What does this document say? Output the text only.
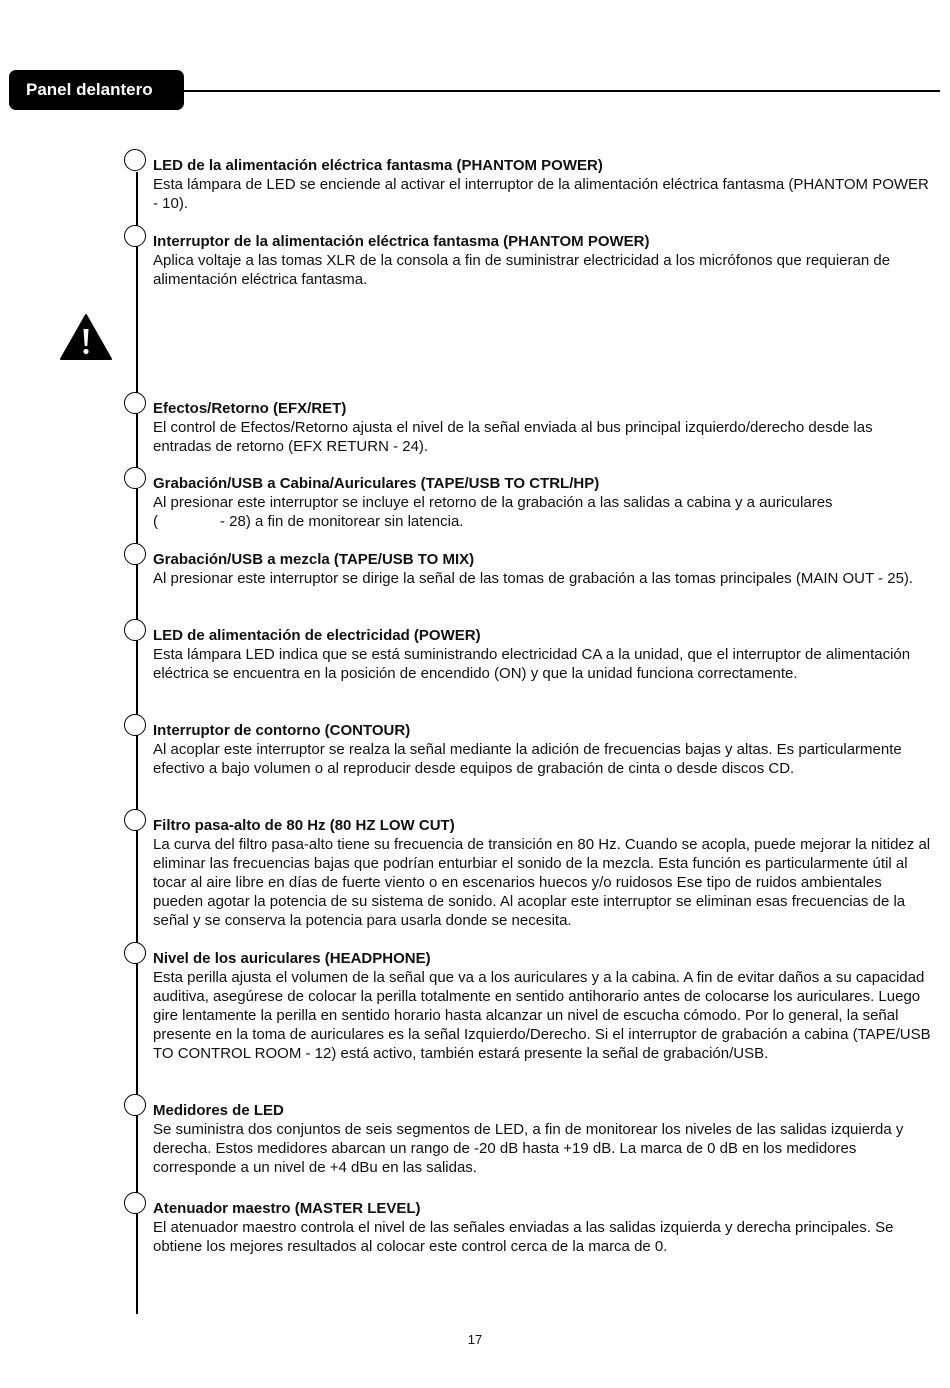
Panel delantero
LED de la alimentación eléctrica fantasma (PHANTOM POWER)
Esta lámpara de LED se enciende al activar el interruptor de la alimentación eléctrica fantasma (PHANTOM POWER - 10).
Interruptor de la alimentación eléctrica fantasma (PHANTOM POWER)
Aplica voltaje a las tomas XLR de la consola a fin de suministrar electricidad a los micrófonos que requieran de alimentación eléctrica fantasma.
Efectos/Retorno (EFX/RET)
El control de Efectos/Retorno ajusta el nivel de la señal enviada al bus principal izquierdo/derecho desde las entradas de retorno (EFX RETURN - 24).
Grabación/USB a Cabina/Auriculares (TAPE/USB TO CTRL/HP)
Al presionar este interruptor se incluye el retorno de la grabación a las salidas a cabina y a auriculares
(	- 28) a fin de monitorear sin latencia.
Grabación/USB a mezcla (TAPE/USB TO MIX)
Al presionar este interruptor se dirige la señal de las tomas de grabación a las tomas principales (MAIN OUT - 25).
LED de alimentación de electricidad (POWER)
Esta lámpara LED indica que se está suministrando electricidad CA a la unidad, que el interruptor de alimentación eléctrica se encuentra en la posición de encendido (ON) y que la unidad funciona correctamente.
Interruptor de contorno (CONTOUR)
Al acoplar este interruptor se realza la señal mediante la adición de frecuencias bajas y altas. Es particularmente efectivo a bajo volumen o al reproducir desde equipos de grabación de cinta o desde discos CD.
Filtro pasa-alto de 80 Hz (80 HZ LOW CUT)
La curva del filtro pasa-alto tiene su frecuencia de transición en 80 Hz. Cuando se acopla, puede mejorar la nitidez al eliminar las frecuencias bajas que podrían enturbiar el sonido de la mezcla. Esta función es particularmente útil al tocar al aire libre en días de fuerte viento o en escenarios huecos y/o ruidosos Ese tipo de ruidos ambientales pueden agotar la potencia de su sistema de sonido. Al acoplar este interruptor se eliminan esas frecuencias de la señal y se conserva la potencia para usarla donde se necesita.
Nivel de los auriculares (HEADPHONE)
Esta perilla ajusta el volumen de la señal que va a los auriculares y a la cabina. A fin de evitar daños a su capacidad auditiva, asegúrese de colocar la perilla totalmente en sentido antihorario antes de colocarse los auriculares. Luego gire lentamente la perilla en sentido horario hasta alcanzar un nivel de escucha cómodo. Por lo general, la señal presente en la toma de auriculares es la señal Izquierdo/Derecho. Si el interruptor de grabación a cabina (TAPE/USB TO CONTROL ROOM - 12) está activo, también estará presente la señal de grabación/USB.
Medidores de LED
Se suministra dos conjuntos de seis segmentos de LED, a fin de monitorear los niveles de las salidas izquierda y derecha. Estos medidores abarcan un rango de -20 dB hasta +19 dB. La marca de 0 dB en los medidores corresponde a un nivel de +4 dBu en las salidas.
Atenuador maestro (MASTER LEVEL)
El atenuador maestro controla el nivel de las señales enviadas a las salidas izquierda y derecha principales. Se obtiene los mejores resultados al colocar este control cerca de la marca de 0.
17
